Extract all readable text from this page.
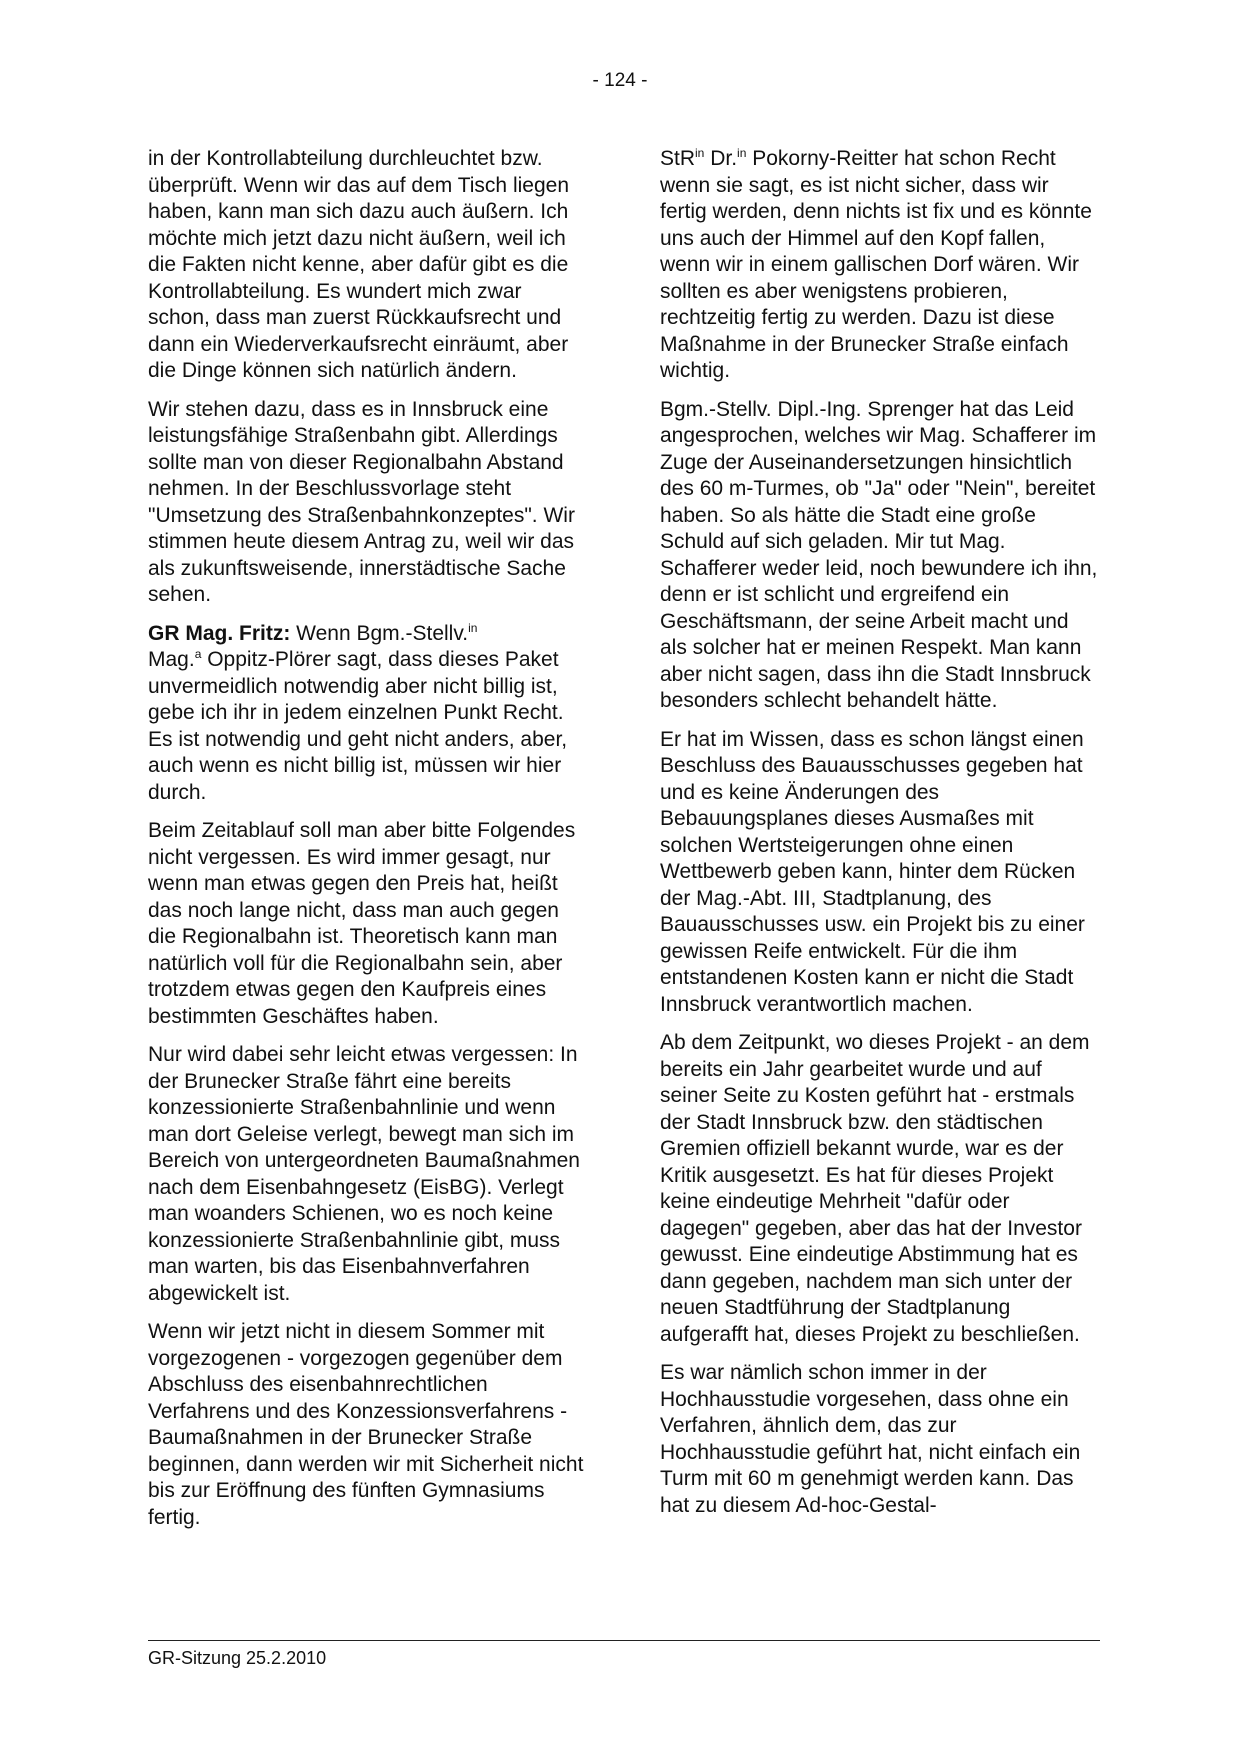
- 124 -

in der Kontrollabteilung durchleuchtet bzw. überprüft. Wenn wir das auf dem Tisch liegen haben, kann man sich dazu auch äußern. Ich möchte mich jetzt dazu nicht äußern, weil ich die Fakten nicht kenne, aber dafür gibt es die Kontrollabteilung. Es wundert mich zwar schon, dass man zuerst Rückkaufsrecht und dann ein Wiederverkaufsrecht einräumt, aber die Dinge können sich natürlich ändern.

Wir stehen dazu, dass es in Innsbruck eine leistungsfähige Straßenbahn gibt. Allerdings sollte man von dieser Regionalbahn Abstand nehmen. In der Beschlussvorlage steht "Umsetzung des Straßenbahnkonzeptes". Wir stimmen heute diesem Antrag zu, weil wir das als zukunftsweisende, innerstädtische Sache sehen.

GR Mag. Fritz: Wenn Bgm.-Stellv.$^{in}$
Mag.$^a$ Oppitz-Plörer sagt, dass dieses Paket unvermeidlich notwendig aber nicht billig ist, gebe ich ihr in jedem einzelnen Punkt Recht. Es ist notwendig und geht nicht anders, aber, auch wenn es nicht billig ist, müssen wir hier durch.

Beim Zeitablauf soll man aber bitte Folgendes nicht vergessen. Es wird immer gesagt, nur wenn man etwas gegen den Preis hat, heißt das noch lange nicht, dass man auch gegen die Regionalbahn ist. Theoretisch kann man natürlich voll für die Regionalbahn sein, aber trotzdem etwas gegen den Kaufpreis eines bestimmten Geschäftes haben.

Nur wird dabei sehr leicht etwas vergessen: In der Brunecker Straße fährt eine bereits konzessionierte Straßenbahnlinie und wenn man dort Geleise verlegt, bewegt man sich im Bereich von untergeordneten Baumaßnahmen nach dem Eisenbahngesetz (EisBG). Verlegt man woanders Schienen, wo es noch keine konzessionierte Straßenbahnlinie gibt, muss man warten, bis das Eisenbahnverfahren abgewickelt ist.

Wenn wir jetzt nicht in diesem Sommer mit vorgezogenen - vorgezogen gegenüber dem Abschluss des eisenbahnrechtlichen Verfahrens und des Konzessionsverfahrens - Baumaßnahmen in der Brunecker Straße beginnen, dann werden wir mit Sicherheit nicht bis zur Eröffnung des fünften Gymnasiums fertig.

StR$^{in}$ Dr.$^{in}$ Pokorny-Reitter hat schon Recht wenn sie sagt, es ist nicht sicher, dass wir fertig werden, denn nichts ist fix und es könnte uns auch der Himmel auf den Kopf fallen, wenn wir in einem gallischen Dorf wären. Wir sollten es aber wenigstens probieren, rechtzeitig fertig zu werden. Dazu ist diese Maßnahme in der Brunecker Straße einfach wichtig.

Bgm.-Stellv. Dipl.-Ing. Sprenger hat das Leid angesprochen, welches wir Mag. Schafferer im Zuge der Auseinandersetzungen hinsichtlich des 60 m-Turmes, ob "Ja" oder "Nein", bereitet haben. So als hätte die Stadt eine große Schuld auf sich geladen. Mir tut Mag. Schafferer weder leid, noch bewundere ich ihn, denn er ist schlicht und ergreifend ein Geschäftsmann, der seine Arbeit macht und als solcher hat er meinen Respekt. Man kann aber nicht sagen, dass ihn die Stadt Innsbruck besonders schlecht behandelt hätte.

Er hat im Wissen, dass es schon längst einen Beschluss des Bauausschusses gegeben hat und es keine Änderungen des Bebauungsplanes dieses Ausmaßes mit solchen Wertsteigerungen ohne einen Wettbewerb geben kann, hinter dem Rücken der Mag.-Abt. III, Stadtplanung, des Bauausschusses usw. ein Projekt bis zu einer gewissen Reife entwickelt. Für die ihm entstandenen Kosten kann er nicht die Stadt Innsbruck verantwortlich machen.

Ab dem Zeitpunkt, wo dieses Projekt - an dem bereits ein Jahr gearbeitet wurde und auf seiner Seite zu Kosten geführt hat - erstmals der Stadt Innsbruck bzw. den städtischen Gremien offiziell bekannt wurde, war es der Kritik ausgesetzt. Es hat für dieses Projekt keine eindeutige Mehrheit "dafür oder dagegen" gegeben, aber das hat der Investor gewusst. Eine eindeutige Abstimmung hat es dann gegeben, nachdem man sich unter der neuen Stadtführung der Stadtplanung aufgerafft hat, dieses Projekt zu beschließen.

Es war nämlich schon immer in der Hochhausstudie vorgesehen, dass ohne ein Verfahren, ähnlich dem, das zur Hochhausstudie geführt hat, nicht einfach ein Turm mit 60 m genehmigt werden kann. Das hat zu diesem Ad-hoc-Gestal-

GR-Sitzung 25.2.2010
